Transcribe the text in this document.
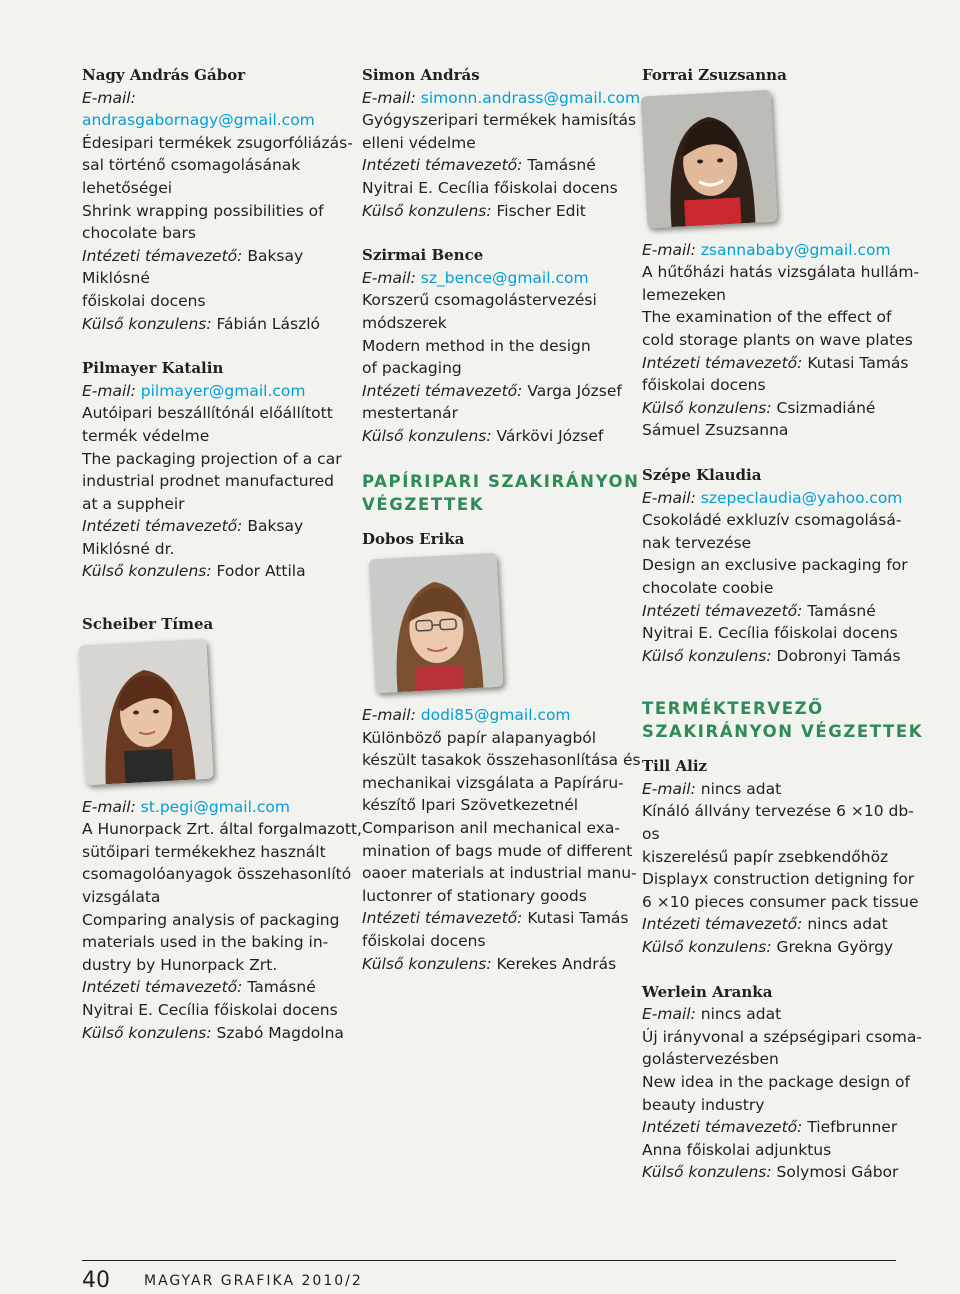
Nagy András Gábor

E-mail:

andrasgabornagy@gmail.com

Édesipari termékek zsugorfóliázás-

sal történő csomagolásának

lehetőségei

Shrink wrapping possibilities of

chocolate bars

Intézeti témavezető: Baksay Miklósné

főiskolai docens

Külső konzulens: Fábián László

Pilmayer Katalin

E-mail: pilmayer@gmail.com

Autóipari beszállítónál előállított

termék védelme

The packaging projection of a car

industrial prodnet manufactured

at a suppheir

Intézeti témavezető: Baksay

Miklósné dr.

Külső konzulens: Fodor Attila

Scheiber Tímea

E-mail: st.pegi@gmail.com

A Hunorpack Zrt. által forgalmazott,

sütőipari termékekhez használt

csomagolóanyagok összehasonlító

vizsgálata

Comparing analysis of packaging

materials used in the baking in-

dustry by Hunorpack Zrt.

Intézeti témavezető: Tamásné

Nyitrai E. Cecília főiskolai docens

Külső konzulens: Szabó Magdolna

Simon András

E-mail: simonn.andrass@gmail.com

Gyógyszeripari termékek hamisítás

elleni védelme

Intézeti témavezető: Tamásné

Nyitrai E. Cecília főiskolai docens

Külső konzulens: Fischer Edit

Szirmai Bence

E-mail: sz_bence@gmail.com

Korszerű csomagolástervezési

módszerek

Modern method in the design

of packaging

Intézeti témavezető: Varga József

mestertanár

Külső konzulens: Várkövi József

PAPÍRIPARI SZAKIRÁNYON
VÉGZETTEK

Dobos Erika

E-mail: dodi85@gmail.com

Különböző papír alapanyagból

készült tasakok összehasonlítása és

mechanikai vizsgálata a Papíráru-

készítő Ipari Szövetkezetnél

Comparison anil mechanical exa-

mination of bags mude of different

oaoer materials at industrial manu-

luctonrer of stationary goods

Intézeti témavezető: Kutasi Tamás

főiskolai docens

Külső konzulens: Kerekes András

Forrai Zsuzsanna

E-mail: zsannababy@gmail.com

A hűtőházi hatás vizsgálata hullám-

lemezeken

The examination of the effect of

cold storage plants on wave plates

Intézeti témavezető: Kutasi Tamás

főiskolai docens

Külső konzulens: Csizmadiáné

Sámuel Zsuzsanna

Szépe Klaudia

E-mail: szepeclaudia@yahoo.com

Csokoládé exkluzív csomagolásá-

nak tervezése

Design an exclusive packaging for

chocolate coobie

Intézeti témavezető: Tamásné

Nyitrai E. Cecília főiskolai docens

Külső konzulens: Dobronyi Tamás

TERMÉKTERVEZŐ
SZAKIRÁNYON VÉGZETTEK

Till Aliz

E-mail: nincs adat

Kínáló állvány tervezése 6 ×10 db-os

kiszerelésű papír zsebkendőhöz

Displayx construction detigning for

6 ×10 pieces consumer pack tissue

Intézeti témavezető: nincs adat

Külső konzulens: Grekna György

Werlein Aranka

E-mail: nincs adat

Új irányvonal a szépségipari csoma-

golástervezésben

New idea in the package design of

beauty industry

Intézeti témavezető: Tiefbrunner

Anna főiskolai adjunktus

Külső konzulens: Solymosi Gábor

40 MAGYAR GRAFIKA 2010/2
